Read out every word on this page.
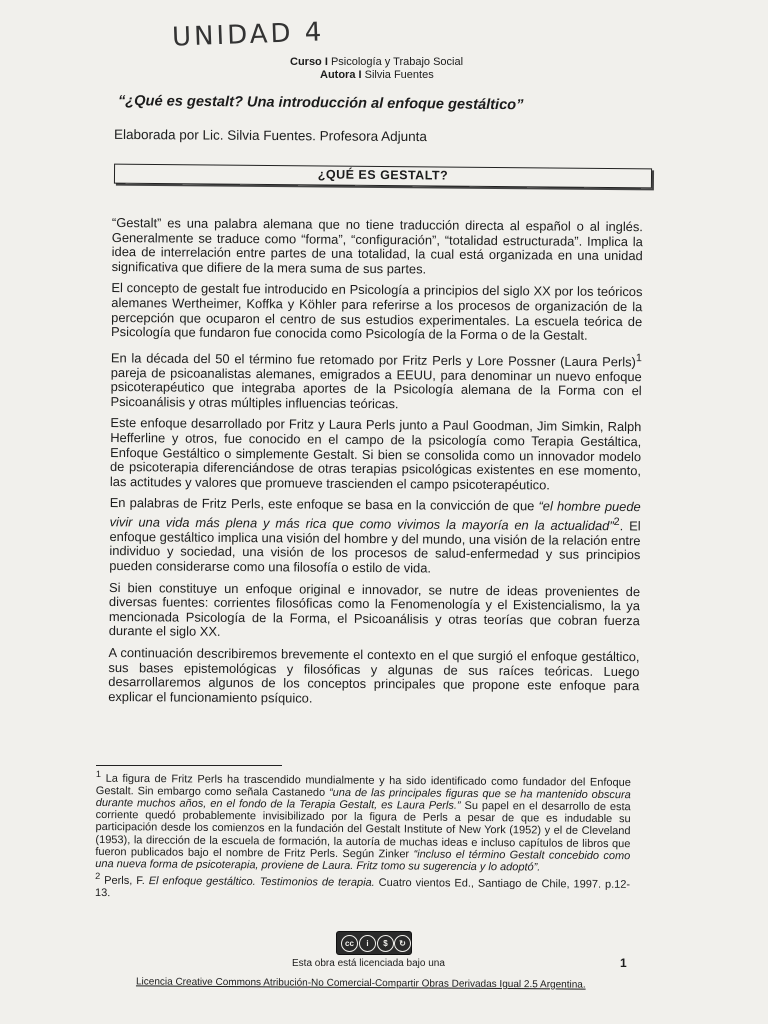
UNIDAD 4
Curso I Psicología y Trabajo Social
Autora I Silvia Fuentes
“¿Qué es gestalt? Una introducción al enfoque gestáltico”
Elaborada por Lic. Silvia Fuentes. Profesora Adjunta
¿QUÉ ES GESTALT?

“Gestalt” es una palabra alemana que no tiene traducción directa al español o al inglés. Generalmente se traduce como “forma”, “configuración”, “totalidad estructurada”. Implica la idea de interrelación entre partes de una totalidad, la cual está organizada en una unidad significativa que difiere de la mera suma de sus partes.

El concepto de gestalt fue introducido en Psicología a principios del siglo XX por los teóricos alemanes Wertheimer, Koffka y Köhler para referirse a los procesos de organización de la percepción que ocuparon el centro de sus estudios experimentales. La escuela teórica de Psicología que fundaron fue conocida como Psicología de la Forma o de la Gestalt.

En la década del 50 el término fue retomado por Fritz Perls y Lore Possner (Laura Perls)$^1$ pareja de psicoanalistas alemanes, emigrados a EEUU, para denominar un nuevo enfoque psicoterapéutico que integraba aportes de la Psicología alemana de la Forma con el Psicoanálisis y otras múltiples influencias teóricas.

Este enfoque desarrollado por Fritz y Laura Perls junto a Paul Goodman, Jim Simkin, Ralph Hefferline y otros, fue conocido en el campo de la psicología como Terapia Gestáltica, Enfoque Gestáltico o simplemente Gestalt. Si bien se consolida como un innovador modelo de psicoterapia diferenciándose de otras terapias psicológicas existentes en ese momento, las actitudes y valores que promueve trascienden el campo psicoterapéutico.

En palabras de Fritz Perls, este enfoque se basa en la convicción de que “el hombre puede vivir una vida más plena y más rica que como vivimos la mayoría en la actualidad”$^2$. El enfoque gestáltico implica una visión del hombre y del mundo, una visión de la relación entre individuo y sociedad, una visión de los procesos de salud-enfermedad y sus principios pueden considerarse como una filosofía o estilo de vida.

Si bien constituye un enfoque original e innovador, se nutre de ideas provenientes de diversas fuentes: corrientes filosóficas como la Fenomenología y el Existencialismo, la ya mencionada Psicología de la Forma, el Psicoanálisis y otras teorías que cobran fuerza durante el siglo XX.

A continuación describiremos brevemente el contexto en el que surgió el enfoque gestáltico, sus bases epistemológicas y filosóficas y algunas de sus raíces teóricas. Luego desarrollaremos algunos de los conceptos principales que propone este enfoque para explicar el funcionamiento psíquico.

$^1$ La figura de Fritz Perls ha trascendido mundialmente y ha sido identificado como fundador del Enfoque Gestalt. Sin embargo como señala Castanedo “una de las principales figuras que se ha mantenido obscura durante muchos años, en el fondo de la Terapia Gestalt, es Laura Perls.” Su papel en el desarrollo de esta corriente quedó probablemente invisibilizado por la figura de Perls a pesar de que es indudable su participación desde los comienzos en la fundación del Gestalt Institute of New York (1952) y el de Cleveland (1953), la dirección de la escuela de formación, la autoría de muchas ideas e incluso capítulos de libros que fueron publicados bajo el nombre de Fritz Perls. Según Zinker “incluso el término Gestalt concebido como una nueva forma de psicoterapia, proviene de Laura. Fritz tomo su sugerencia y lo adoptó”.

$^2$ Perls, F. El enfoque gestáltico. Testimonios de terapia. Cuatro vientos Ed., Santiago de Chile, 1997. p.12-13.

cc	i	$	↻
Esta obra está licenciada bajo una	1
Licencia Creative Commons Atribución-No Comercial-Compartir Obras Derivadas Igual 2.5 Argentina.
